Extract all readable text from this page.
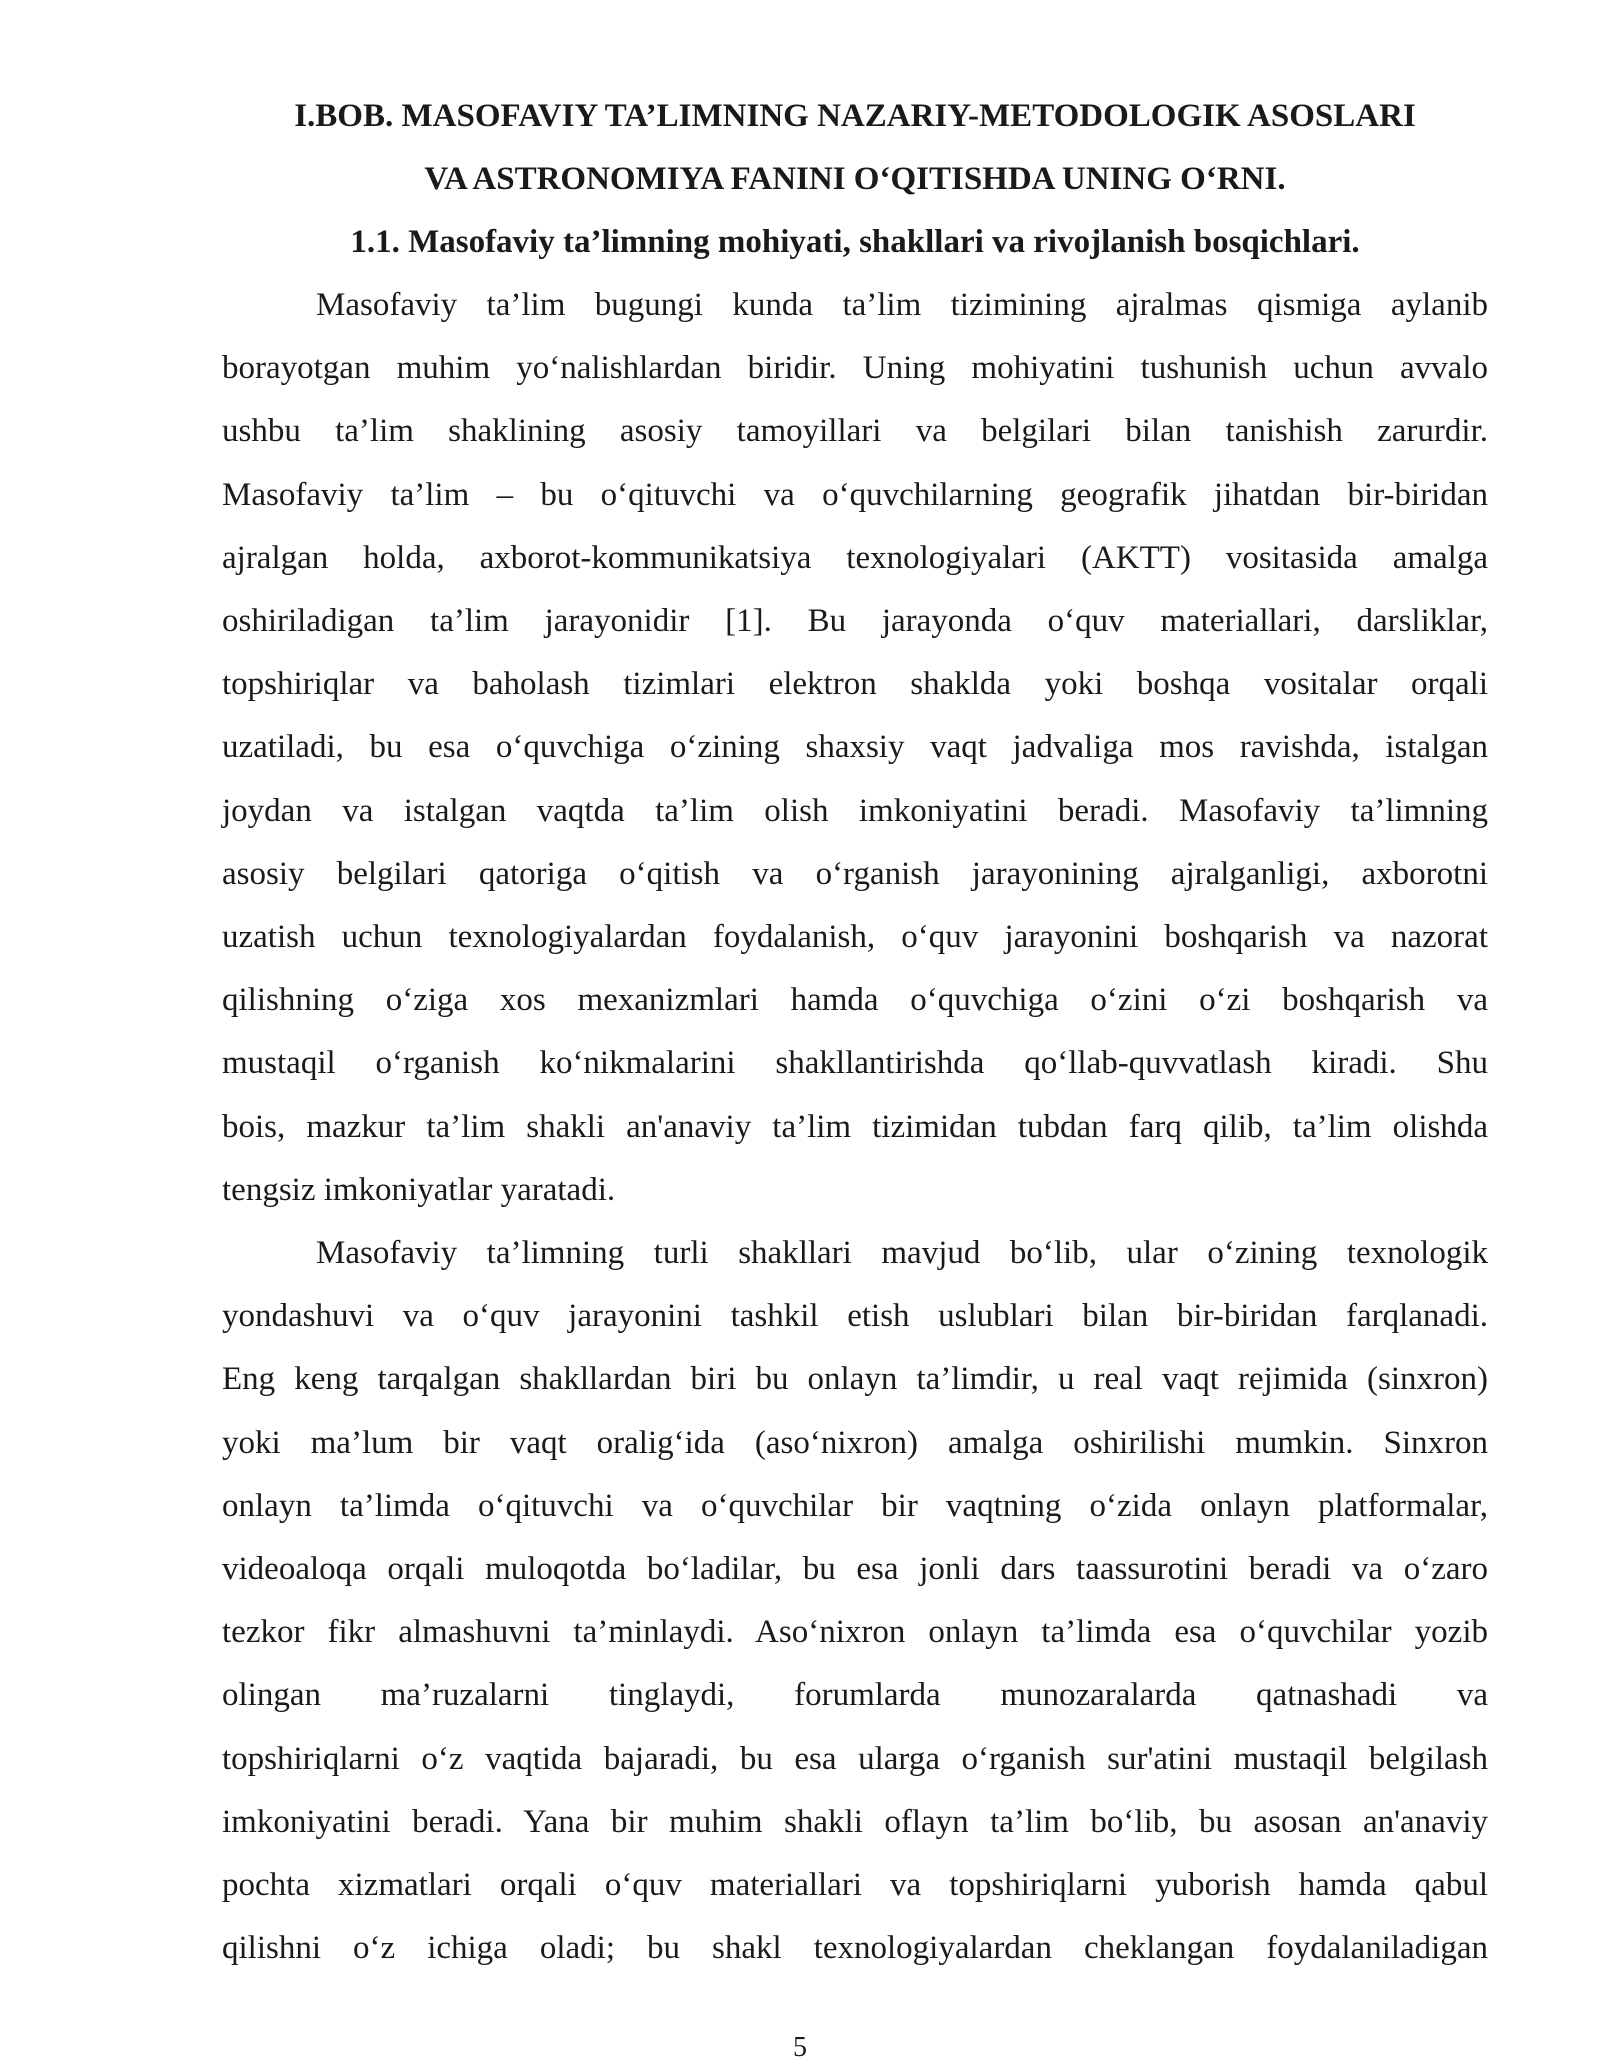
I.BOB. MASOFAVIY TA’LIMNING NAZARIY-METODOLOGIK ASOSLARI
VA ASTRONOMIYA FANINI O‘QITISHDA UNING O‘RNI.

1.1. Masofaviy ta’limning mohiyati, shakllari va rivojlanish bosqichlari.

Masofaviy ta’lim bugungi kunda ta’lim tizimining ajralmas qismiga aylanib
borayotgan muhim yo‘nalishlardan biridir. Uning mohiyatini tushunish uchun avvalo
ushbu ta’lim shaklining asosiy tamoyillari va belgilari bilan tanishish zarurdir.
Masofaviy ta’lim – bu o‘qituvchi va o‘quvchilarning geografik jihatdan bir-biridan
ajralgan holda, axborot-kommunikatsiya texnologiyalari (AKTT) vositasida amalga
oshiriladigan ta’lim jarayonidir [1]. Bu jarayonda o‘quv materiallari, darsliklar,
topshiriqlar va baholash tizimlari elektron shaklda yoki boshqa vositalar orqali
uzatiladi, bu esa o‘quvchiga o‘zining shaxsiy vaqt jadvaliga mos ravishda, istalgan
joydan va istalgan vaqtda ta’lim olish imkoniyatini beradi. Masofaviy ta’limning
asosiy belgilari qatoriga o‘qitish va o‘rganish jarayonining ajralganligi, axborotni
uzatish uchun texnologiyalardan foydalanish, o‘quv jarayonini boshqarish va nazorat
qilishning o‘ziga xos mexanizmlari hamda o‘quvchiga o‘zini o‘zi boshqarish va
mustaqil o‘rganish ko‘nikmalarini shakllantirishda qo‘llab-quvvatlash kiradi. Shu
bois, mazkur ta’lim shakli an'anaviy ta’lim tizimidan tubdan farq qilib, ta’lim olishda
tengsiz imkoniyatlar yaratadi.
Masofaviy ta’limning turli shakllari mavjud bo‘lib, ular o‘zining texnologik
yondashuvi va o‘quv jarayonini tashkil etish uslublari bilan bir-biridan farqlanadi.
Eng keng tarqalgan shakllardan biri bu onlayn ta’limdir, u real vaqt rejimida (sinxron)
yoki ma’lum bir vaqt oralig‘ida (aso‘nixron) amalga oshirilishi mumkin. Sinxron
onlayn ta’limda o‘qituvchi va o‘quvchilar bir vaqtning o‘zida onlayn platformalar,
videoaloqa orqali muloqotda bo‘ladilar, bu esa jonli dars taassurotini beradi va o‘zaro
tezkor fikr almashuvni ta’minlaydi. Aso‘nixron onlayn ta’limda esa o‘quvchilar yozib
olingan ma’ruzalarni tinglaydi, forumlarda munozaralarda qatnashadi va
topshiriqlarni o‘z vaqtida bajaradi, bu esa ularga o‘rganish sur'atini mustaqil belgilash
imkoniyatini beradi. Yana bir muhim shakli oflayn ta’lim bo‘lib, bu asosan an'anaviy
pochta xizmatlari orqali o‘quv materiallari va topshiriqlarni yuborish hamda qabul
qilishni o‘z ichiga oladi; bu shakl texnologiyalardan cheklangan foydalaniladigan
5
